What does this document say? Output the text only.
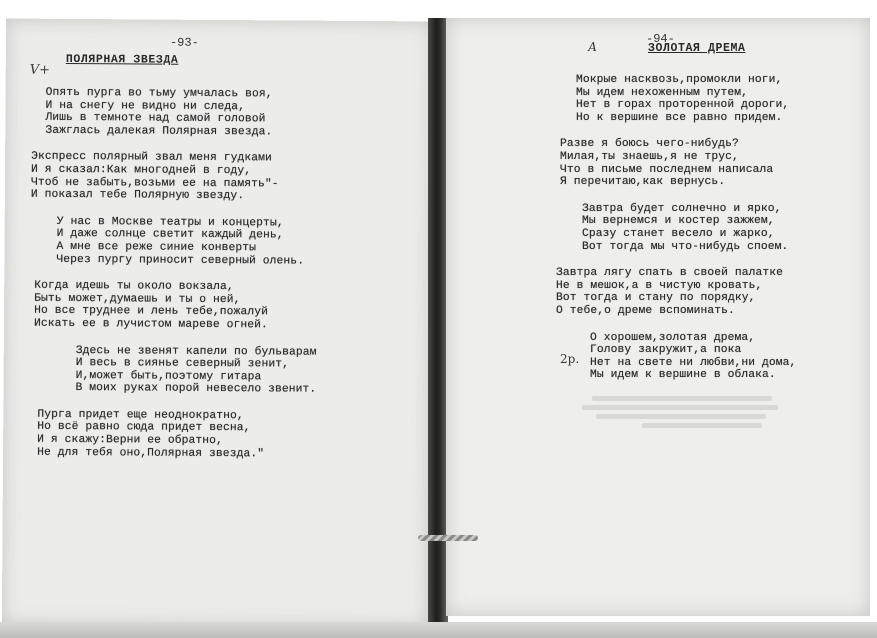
-93-
V+
ПОЛЯРНАЯ ЗВЕЗДА
Опять пурга во тьму умчалась воя,
И на снегу не видно ни следа,
Лишь в темноте над самой головой
Зажглась далекая Полярная звезда.
Экспресс полярный звал меня гудками
И я сказал:Как многодней в году,
Чтоб не забыть,возьми ее на память"-
И показал тебе Полярную звезду.
У нас в Москве театры и концерты,
И даже солнце светит каждый день,
А мне все реже синие конверты
Через пургу приносит северный олень.
Когда идешь ты около вокзала,
Быть может,думаешь и ты о ней,
Но все труднее и лень тебе,пожалуй
Искать ее в лучистом мареве огней.
Здесь не звенят капели по бульварам
И весь в сиянье северный зенит,
И,может быть,поэтому гитара
В моих руках порой невесело звенит.
Пурга придет еще неоднократно,
Но всё равно сюда придет весна,
И я скажу:Верни ее обратно,
Не для тебя оно,Полярная звезда."
-94-
А	ЗОЛОТАЯ ДРЕМА
Мокрые насквозь,промокли ноги,
Мы идем нехоженным путем,
Нет в горах проторенной дороги,
Но к вершине все равно придем.
Разве я боюсь чего-нибудь?
Милая,ты знаешь,я не трус,
Что в письме последнем написала
Я перечитаю,как вернусь.
Завтра будет солнечно и ярко,
Мы вернемся и костер зажжем,
Сразу станет весело и жарко,
Вот тогда мы что-нибудь споем.
Завтра лягу спать в своей палатке
Не в мешок,а в чистую кровать,
Вот тогда и стану по порядку,
О тебе,о дреме вспоминать.
О хорошем,золотая дрема,
Голову закружит,а пока
Нет на свете ни любви,ни дома,
Мы идем к вершине в облака.
2р.
